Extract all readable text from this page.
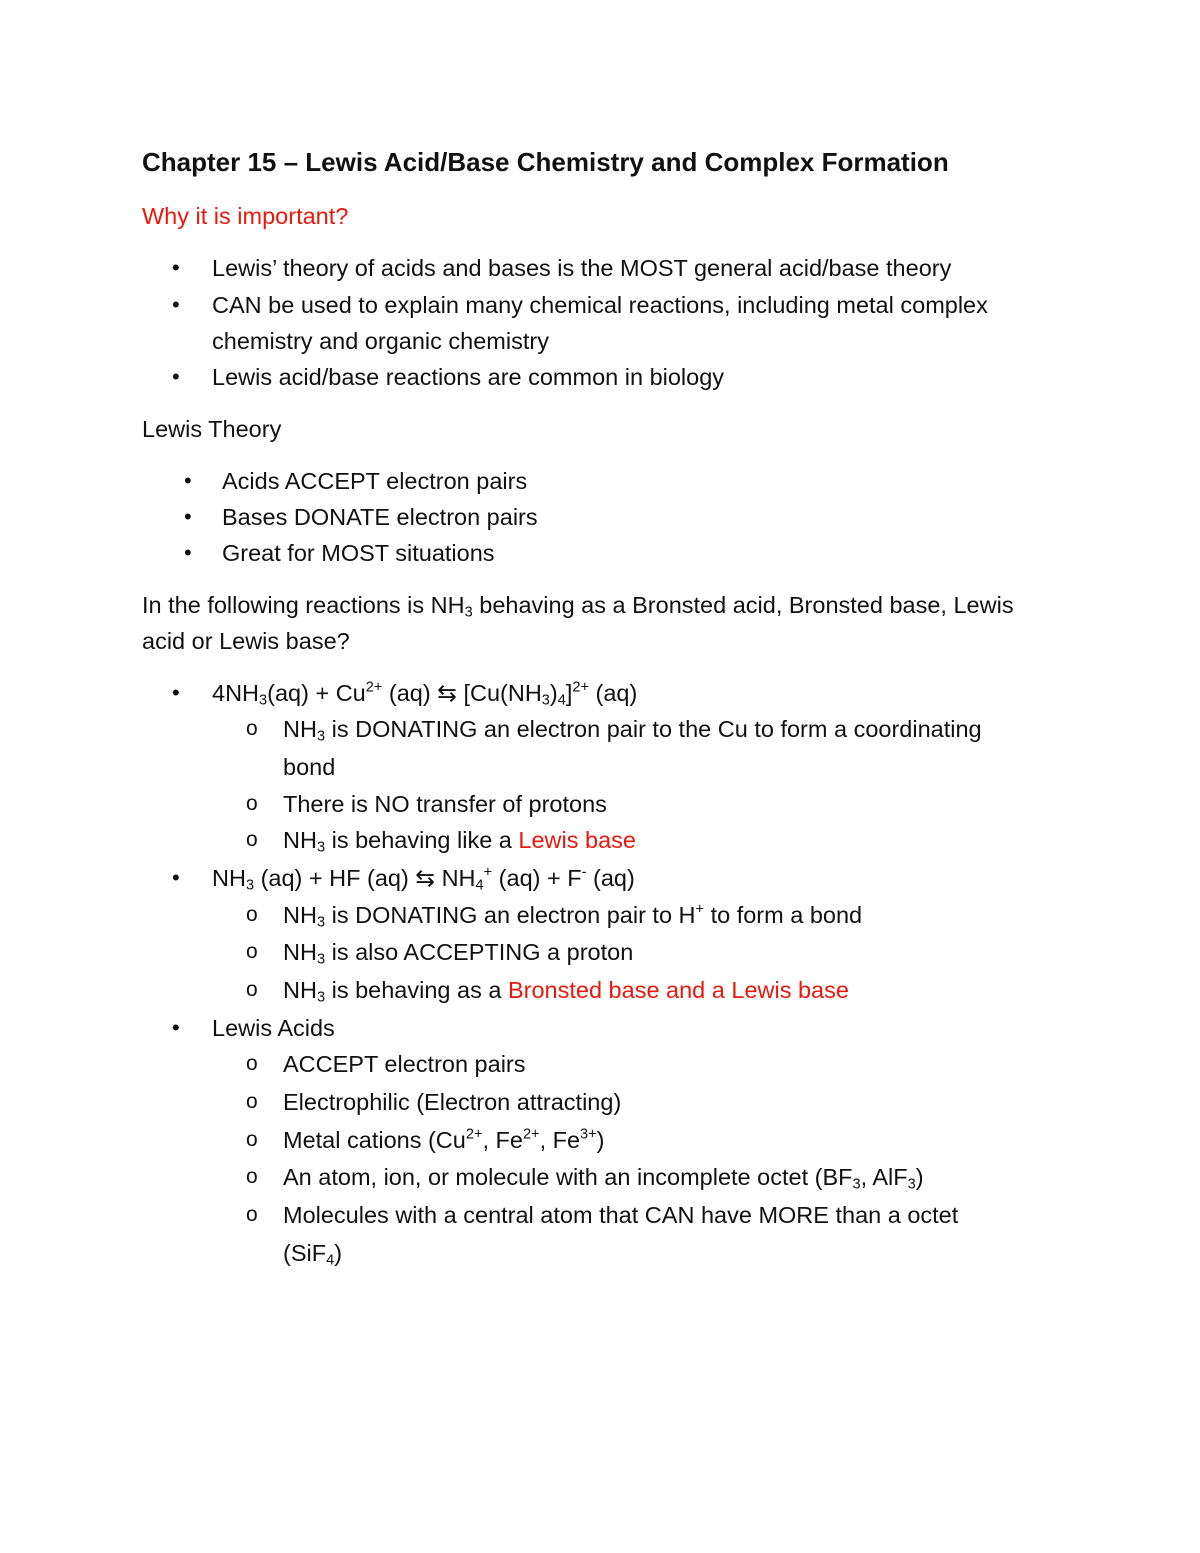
Chapter 15 – Lewis Acid/Base Chemistry and Complex Formation
Why it is important?
• Lewis’ theory of acids and bases is the MOST general acid/base theory
• CAN be used to explain many chemical reactions, including metal complex
chemistry and organic chemistry
• Lewis acid/base reactions are common in biology
Lewis Theory
• Acids ACCEPT electron pairs
• Bases DONATE electron pairs
• Great for MOST situations
In the following reactions is $NH_3$ behaving as a Bronsted acid, Bronsted base, Lewis
acid or Lewis base?
• $4NH_3(aq) + Cu^{2+}$ (aq) ⇆ $[Cu(NH_3)_4]^{2+}$ (aq)
o $NH_3$ is DONATING an electron pair to the Cu to form a coordinating
bond
o There is NO transfer of protons
o $NH_3$ is behaving like a Lewis base
• $NH_3$ (aq) + HF (aq) ⇆ $NH_4^+$ (aq) + F- (aq)
o $NH_3$ is DONATING an electron pair to H+ to form a bond
o $NH_3$ is also ACCEPTING a proton
o $NH_3$ is behaving as a Bronsted base and a Lewis base
• Lewis Acids
o ACCEPT electron pairs
o Electrophilic (Electron attracting)
o Metal cations ($Cu^{2+}$, $Fe^{2+}$, $Fe^{3+}$)
o An atom, ion, or molecule with an incomplete octet ($BF_3$, AlF$_3$)
o Molecules with a central atom that CAN have MORE than a octet
(SiF$_4$)
